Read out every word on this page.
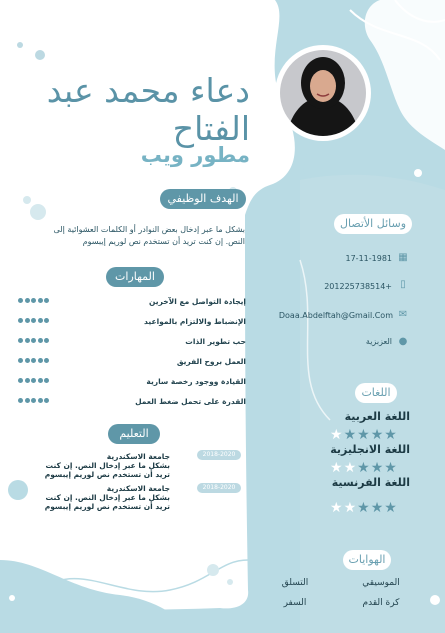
دعاء محمد عبد
الفتاح
مطور ويب
الهدف الوظيفي
بشكل ما عبر إدخال بعض النوادر أو الكلمات العشوائية إلى النص. إن كنت تريد أن تستخدم نص لوريم إيبسوم
المهارات
إيجادة التواصل مع الآخرين
الإنضباط والالتزام بالمواعيد
حب تطوير الذات
العمل بروح الفريق
القيادة ووجود رخصة سارية
القدرة على تحمل ضغط العمل
التعليم
2018-2020
جامعة الاسكندرية
بشكل ما عبر إدخال النص. إن كنت
تريد أن تستخدم نص لوريم إيبسوم
2018-2020
جامعة الاسكندرية
بشكل ما عبر إدخال النص. إن كنت
تريد أن تستخدم نص لوريم إيبسوم
وسائل الأتصال
▦
17-11-1981
▯
201225738514+
✉
Doaa.Abdelftah@Gmail.Com
●
العزبزية
اللغات
اللغة العربية
★ ★ ★ ★ ★
اللغة الانجليزية
★ ★ ★ ★ ★
اللغة الفرنسية
★ ★ ★ ★ ★
الهوايات
الموسيقي
التسلق
كرة القدم
السفر
